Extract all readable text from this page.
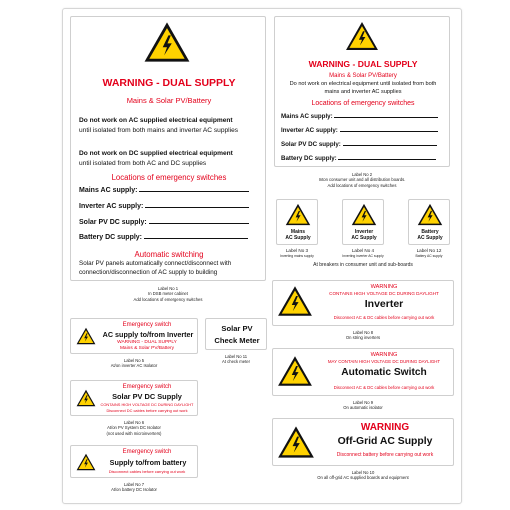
WARNING - DUAL SUPPLY
Mains & Solar PV/Battery
Do not work on AC supplied electrical equipment
until isolated from both mains and inverter AC supplies
Do not work on DC supplied electrical equipment
until isolated from both AC and DC supplies
Locations of emergency switches
Mains AC supply:
Inverter AC supply:
Solar PV DC supply:
Battery DC supply:
Automatic switching
Solar PV panels automatically connect/disconnect with connection/disconnection of AC supply to building
Label No 1
In DSB meter cabinet
Add locations of emergency switches
WARNING - DUAL SUPPLY
Mains & Solar PV/Battery
Do not work on electrical equipment until isolated from both mains and inverter AC supplies
Locations of emergency switches
Mains AC supply:
Inverter AC supply:
Solar PV DC supply:
Battery DC supply:
Label No 2
Inton consumer unit and all distribution boards.
Add locations of emergency switches
Mains
AC Supply
Inverter
AC Supply
Battery
AC Supply
Label No 3
Inverting mains supply
Label No 4
Inverting inverter AC supply
Label No 12
Battery AC supply
At breakers in consumer unit and sub-boards
Emergency switch
AC supply to/from Inverter
WARNING - DUAL SUPPLY
Mains & Solar PV/Battery
Label No 5
At/on inverter AC Isolator
Solar PV
Check Meter
Label No 11
At check meter
Emergency switch
Solar PV DC Supply
CONTAINS HIGH VOLTAGE DC DURING DAYLIGHT
Disconnect DC cables before carrying out work
Label No 6
At/on PV System DC Isolator
(not used with microinverters)
Emergency switch
Supply to/from battery
Disconnect cables before carrying out work
Label No 7
At/on battery DC Isolator
WARNING
CONTAINS HIGH VOLTAGE DC DURING DAYLIGHT
Inverter
Disconnect AC & DC cables before carrying out work
Label No 8
On string inverters
WARNING
MAY CONTAIN HIGH VOLTAGE DC DURING DAYLIGHT
Automatic Switch
Disconnect AC & DC cables before carrying out work
Label No 9
On automatic isolator
WARNING
Off-Grid AC Supply
Disconnect battery before carrying out work
Label No 10
On all off-grid AC supplied boards and equipment
